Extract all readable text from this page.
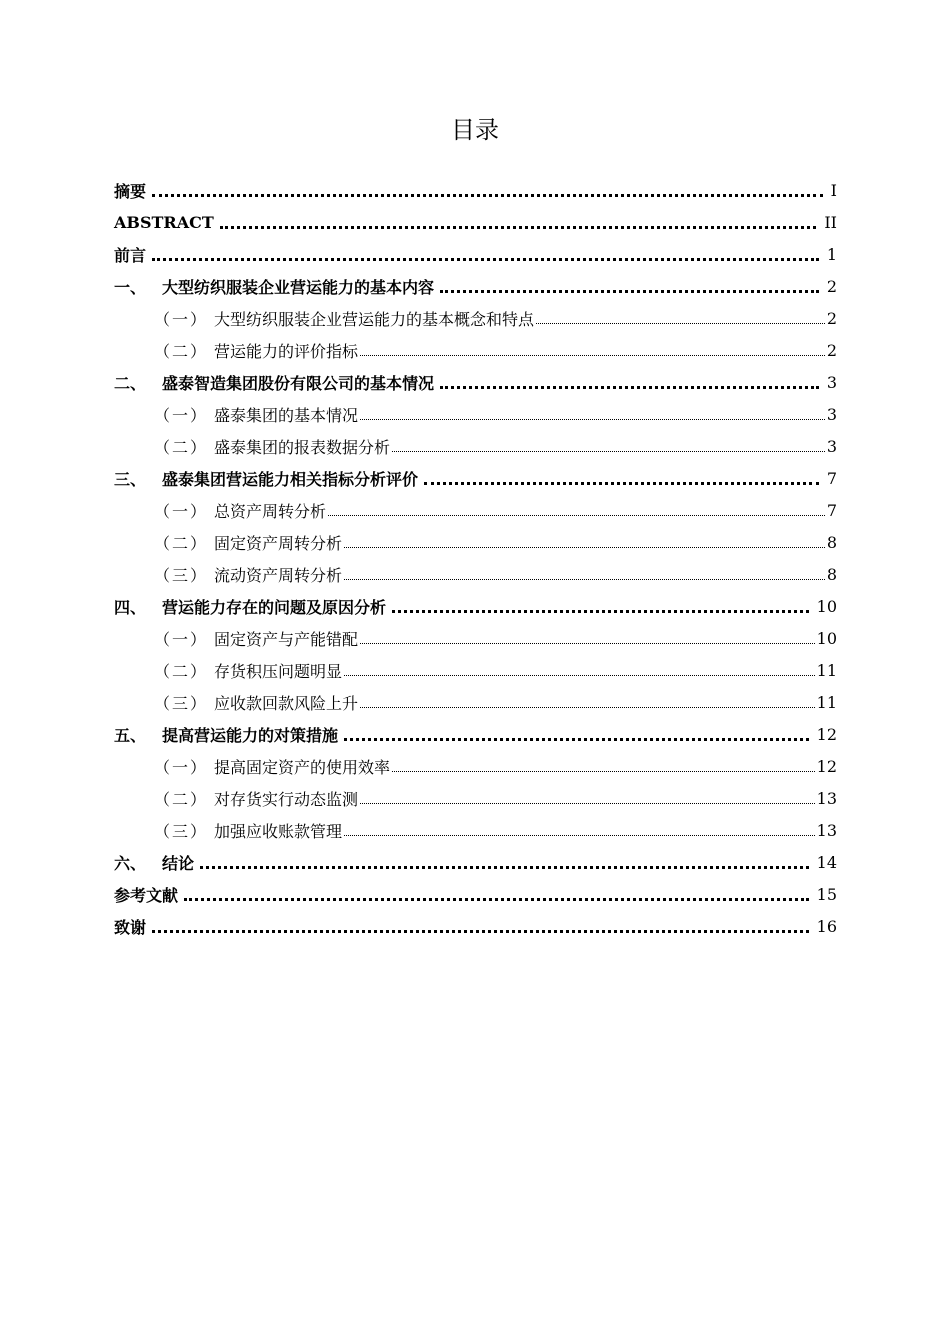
目录
摘要	I
ABSTRACT	II
前言	1
一、 大型纺织服装企业营运能力的基本内容	2
（一） 大型纺织服装企业营运能力的基本概念和特点	2
（二） 营运能力的评价指标	2
二、 盛泰智造集团股份有限公司的基本情况	3
（一） 盛泰集团的基本情况	3
（二） 盛泰集团的报表数据分析	3
三、 盛泰集团营运能力相关指标分析评价	7
（一） 总资产周转分析	7
（二） 固定资产周转分析	8
（三） 流动资产周转分析	8
四、 营运能力存在的问题及原因分析	10
（一） 固定资产与产能错配	10
（二） 存货积压问题明显	11
（三） 应收款回款风险上升	11
五、 提高营运能力的对策措施	12
（一） 提高固定资产的使用效率	12
（二） 对存货实行动态监测	13
（三） 加强应收账款管理	13
六、 结论	14
参考文献	15
致谢	16
